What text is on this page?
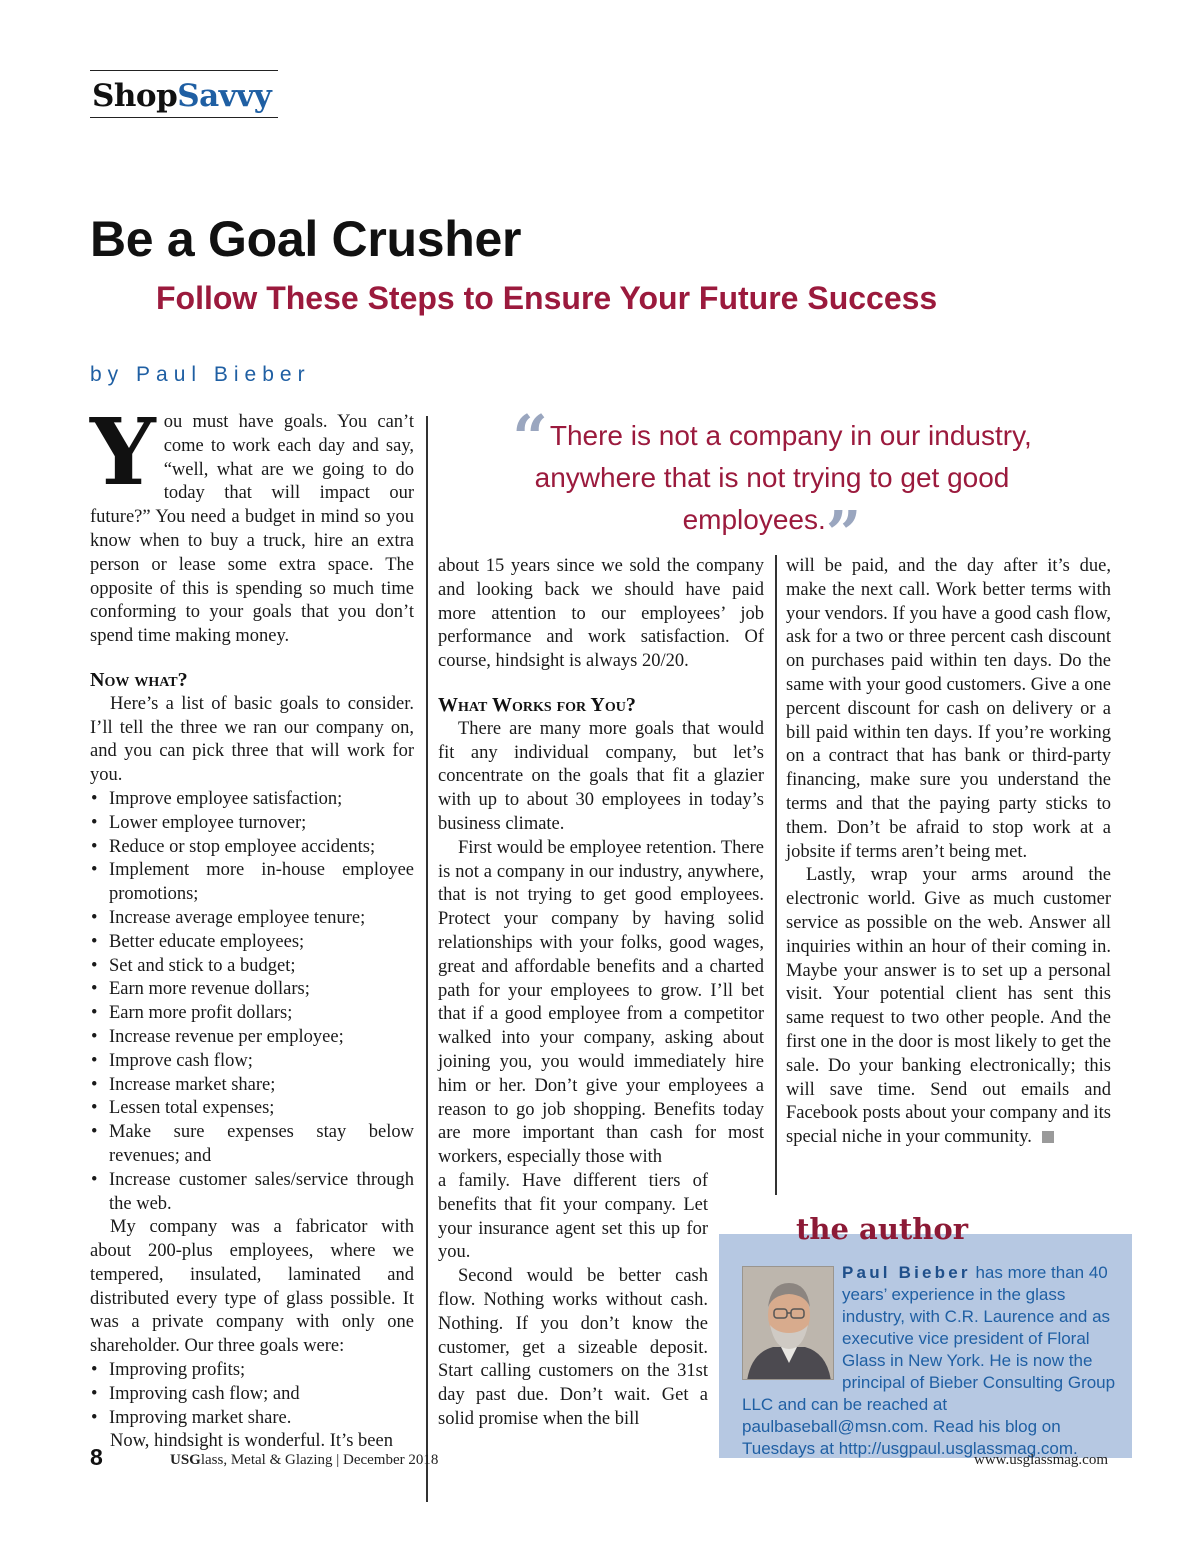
ShopSavvy
Be a Goal Crusher
Follow These Steps to Ensure Your Future Success
by Paul Bieber
“There is not a company in our industry, anywhere that is not trying to get good employees.”

You must have goals. You can’t come to work each day and say, “well, what are we going to do today that will impact our future?” You need a budget in mind so you know when to buy a truck, hire an extra person or lease some extra space. The opposite of this is spending so much time conforming to your goals that you don’t spend time making money.

Now what?

Here’s a list of basic goals to consider. I’ll tell the three we ran our company on, and you can pick three that will work for you.

• Improve employee satisfaction;
• Lower employee turnover;
• Reduce or stop employee accidents;
• Implement more in-house employee promotions;
• Increase average employee tenure;
• Better educate employees;
• Set and stick to a budget;
• Earn more revenue dollars;
• Earn more profit dollars;
• Increase revenue per employee;
• Improve cash flow;
• Increase market share;
• Lessen total expenses;
• Make sure expenses stay below revenues; and
• Increase customer sales/service through the web.

My company was a fabricator with about 200-plus employees, where we tempered, insulated, laminated and distributed every type of glass possible. It was a private company with only one shareholder. Our three goals were:

• Improving profits;
• Improving cash flow; and
• Improving market share.

Now, hindsight is wonderful. It’s been

about 15 years since we sold the company and looking back we should have paid more attention to our employees’ job performance and work satisfaction. Of course, hindsight is always 20/20.

What Works for You?

There are many more goals that would fit any individual company, but let’s concentrate on the goals that fit a glazier with up to about 30 employees in today’s business climate.

First would be employee retention. There is not a company in our industry, anywhere, that is not trying to get good employees. Protect your company by having solid relationships with your folks, good wages, great and affordable benefits and a charted path for your employees to grow. I’ll bet that if a good employee from a competitor walked into your company, asking about joining you, you would immediately hire him or her. Don’t give your employees a reason to go job shopping. Benefits today are more important than cash for most workers, especially those with

a family. Have different tiers of benefits that fit your company. Let your insurance agent set this up for you.

Second would be better cash flow. Nothing works without cash. Nothing. If you don’t know the customer, get a sizeable deposit. Start calling customers on the 31st day past due. Don’t wait. Get a solid promise when the bill

will be paid, and the day after it’s due, make the next call. Work better terms with your vendors. If you have a good cash flow, ask for a two or three percent cash discount on purchases paid within ten days. Do the same with your good customers. Give a one percent discount for cash on delivery or a bill paid within ten days. If you’re working on a contract that has bank or third-party financing, make sure you understand the terms and that the paying party sticks to them. Don’t be afraid to stop work at a jobsite if terms aren’t being met.

Lastly, wrap your arms around the electronic world. Give as much customer service as possible on the web. Answer all inquiries within an hour of their coming in. Maybe your answer is to set up a personal visit. Your potential client has sent this same request to two other people. And the first one in the door is most likely to get the sale. Do your banking electronically; this will save time. Send out emails and Facebook posts about your company and its special niche in your community.

the author
Paul Bieber has more than 40 years’ experience in the glass industry, with C.R. Laurence and as executive vice president of Floral Glass in New York. He is now the principal of Bieber Consulting Group LLC and can be reached at paulbaseball@msn.com. Read his blog on Tuesdays at http://usgpaul.usglassmag.com.
8	USGlass, Metal & Glazing | December 2018	www.usglassmag.com
